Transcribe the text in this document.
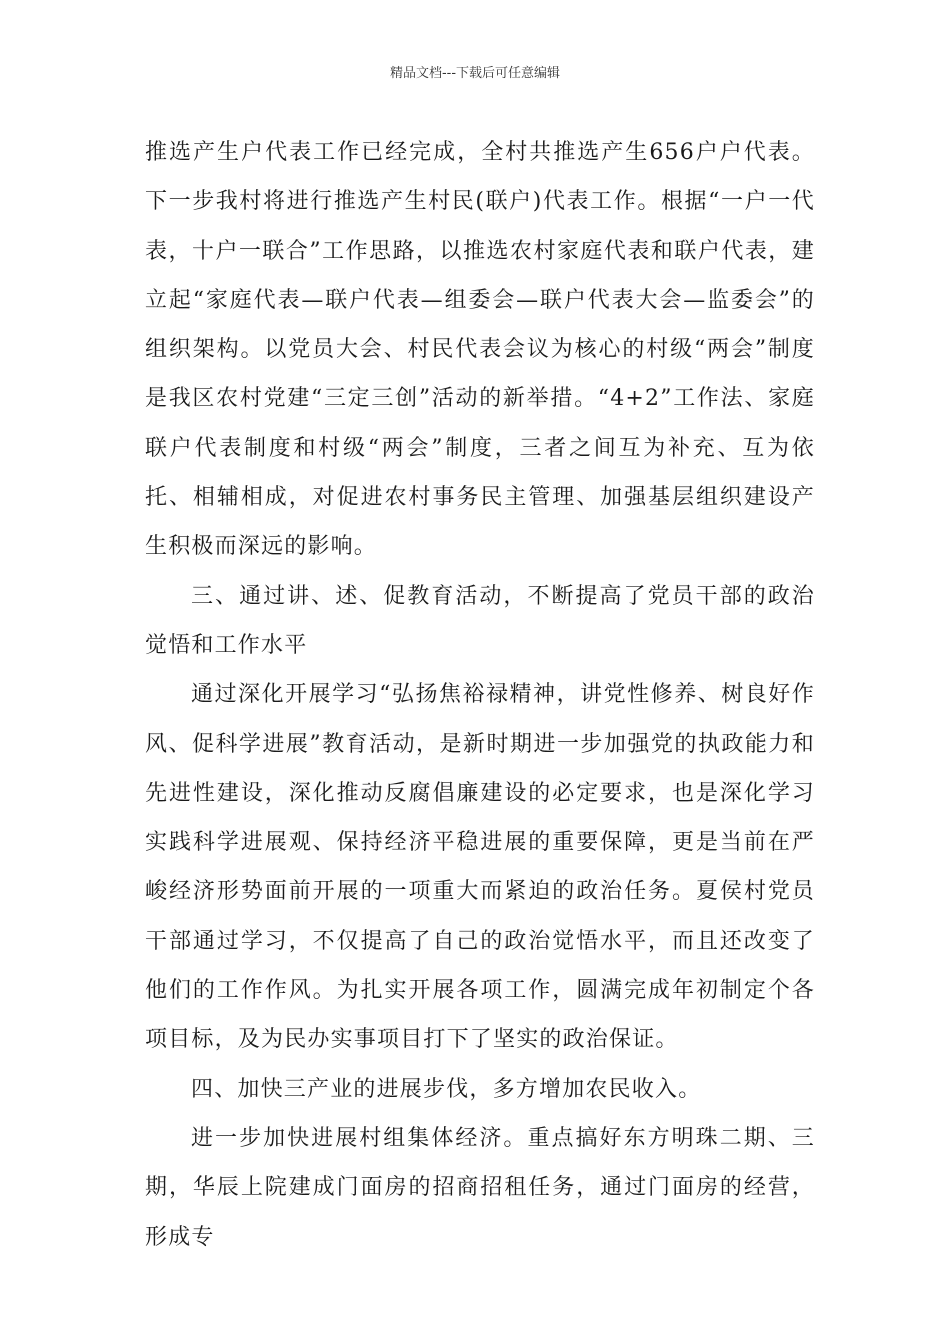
精品文档---下载后可任意编辑

推选产生户代表工作已经完成，全村共推选产生656户户代表。下一步我村将进行推选产生村民(联户)代表工作。根据“一户一代表，十户一联合”工作思路，以推选农村家庭代表和联户代表，建立起“家庭代表—联户代表—组委会—联户代表大会—监委会”的组织架构。以党员大会、村民代表会议为核心的村级“两会”制度是我区农村党建“三定三创”活动的新举措。“4+2”工作法、家庭联户代表制度和村级“两会”制度，三者之间互为补充、互为依托、相辅相成，对促进农村事务民主管理、加强基层组织建设产生积极而深远的影响。

三、通过讲、述、促教育活动，不断提高了党员干部的政治觉悟和工作水平

通过深化开展学习“弘扬焦裕禄精神，讲党性修养、树良好作风、促科学进展”教育活动，是新时期进一步加强党的执政能力和先进性建设，深化推动反腐倡廉建设的必定要求，也是深化学习实践科学进展观、保持经济平稳进展的重要保障，更是当前在严峻经济形势面前开展的一项重大而紧迫的政治任务。夏侯村党员干部通过学习，不仅提高了自己的政治觉悟水平，而且还改变了他们的工作作风。为扎实开展各项工作，圆满完成年初制定个各项目标，及为民办实事项目打下了坚实的政治保证。

四、加快三产业的进展步伐，多方增加农民收入。

进一步加快进展村组集体经济。重点搞好东方明珠二期、三期，华辰上院建成门面房的招商招租任务，通过门面房的经营，形成专
